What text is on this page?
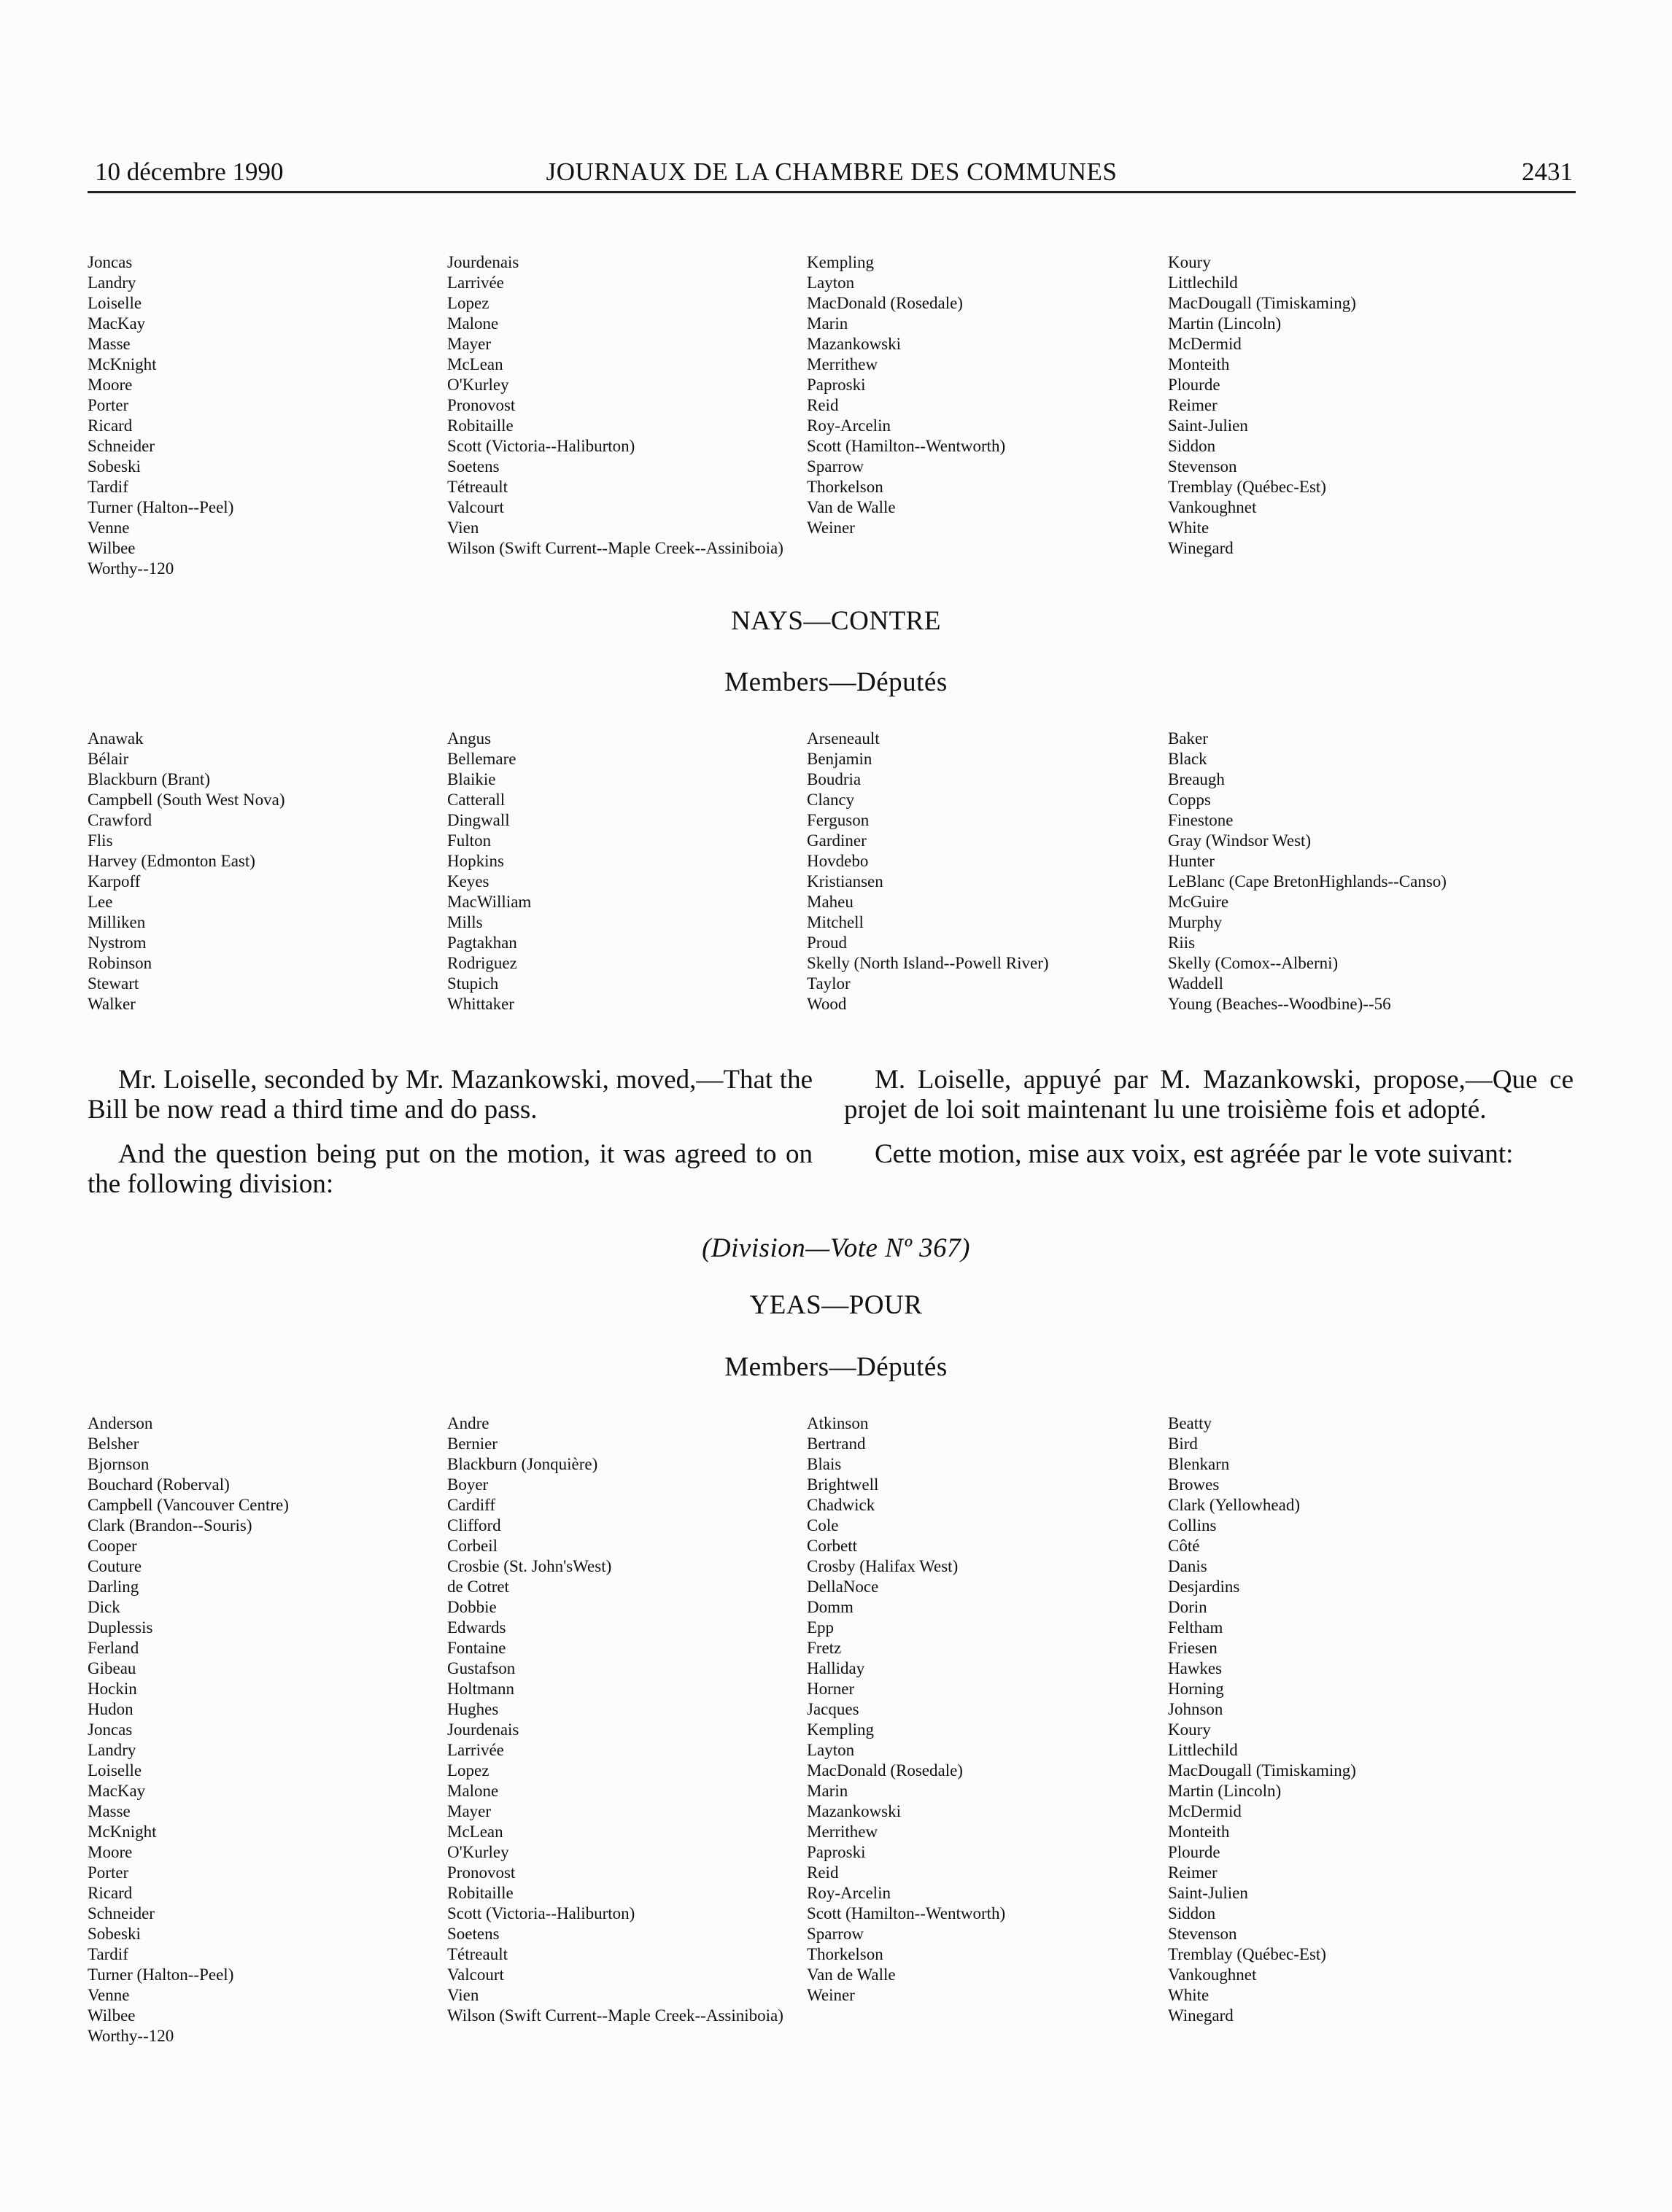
10 décembre 1990	JOURNAUX DE LA CHAMBRE DES COMMUNES	2431
Joncas
Landry
Loiselle
MacKay
Masse
McKnight
Moore
Porter
Ricard
Schneider
Sobeski
Tardif
Turner (Halton--Peel)
Venne
Wilbee
Worthy--120
Jourdenais
Larrivée
Lopez
Malone
Mayer
McLean
O'Kurley
Pronovost
Robitaille
Scott (Victoria--Haliburton)
Soetens
Tétreault
Valcourt
Vien
Wilson (Swift Current--Maple Creek--Assiniboia)
Kempling
Layton
MacDonald (Rosedale)
Marin
Mazankowski
Merrithew
Paproski
Reid
Roy-Arcelin
Scott (Hamilton--Wentworth)
Sparrow
Thorkelson
Van de Walle
Weiner
Koury
Littlechild
MacDougall (Timiskaming)
Martin (Lincoln)
McDermid
Monteith
Plourde
Reimer
Saint-Julien
Siddon
Stevenson
Tremblay (Québec-Est)
Vankoughnet
White
Winegard
NAYS—CONTRE
Members—Députés
Anawak
Bélair
Blackburn (Brant)
Campbell (South West Nova)
Crawford
Flis
Harvey (Edmonton East)
Karpoff
Lee
Milliken
Nystrom
Robinson
Stewart
Walker
Angus
Bellemare
Blaikie
Catterall
Dingwall
Fulton
Hopkins
Keyes
MacWilliam
Mills
Pagtakhan
Rodriguez
Stupich
Whittaker
Arseneault
Benjamin
Boudria
Clancy
Ferguson
Gardiner
Hovdebo
Kristiansen
Maheu
Mitchell
Proud
Skelly (North Island--Powell River)
Taylor
Wood
Baker
Black
Breaugh
Copps
Finestone
Gray (Windsor West)
Hunter
LeBlanc (Cape BretonHighlands--Canso)
McGuire
Murphy
Riis
Skelly (Comox--Alberni)
Waddell
Young (Beaches--Woodbine)--56
Mr. Loiselle, seconded by Mr. Mazankowski, moved,—That the Bill be now read a third time and do pass.
And the question being put on the motion, it was agreed to on the following division:
M. Loiselle, appuyé par M. Mazankowski, propose,—Que ce projet de loi soit maintenant lu une troisième fois et adopté.
Cette motion, mise aux voix, est agréée par le vote suivant:
(Division—Vote Nº 367)
YEAS—POUR
Members—Députés
Anderson
Belsher
Bjornson
Bouchard (Roberval)
Campbell (Vancouver Centre)
Clark (Brandon--Souris)
Cooper
Couture
Darling
Dick
Duplessis
Ferland
Gibeau
Hockin
Hudon
Joncas
Landry
Loiselle
MacKay
Masse
McKnight
Moore
Porter
Ricard
Schneider
Sobeski
Tardif
Turner (Halton--Peel)
Venne
Wilbee
Worthy--120
Andre
Bernier
Blackburn (Jonquière)
Boyer
Cardiff
Clifford
Corbeil
Crosbie (St. John'sWest)
de Cotret
Dobbie
Edwards
Fontaine
Gustafson
Holtmann
Hughes
Jourdenais
Larrivée
Lopez
Malone
Mayer
McLean
O'Kurley
Pronovost
Robitaille
Scott (Victoria--Haliburton)
Soetens
Tétreault
Valcourt
Vien
Wilson (Swift Current--Maple Creek--Assiniboia)
Atkinson
Bertrand
Blais
Brightwell
Chadwick
Cole
Corbett
Crosby (Halifax West)
DellaNoce
Domm
Epp
Fretz
Halliday
Horner
Jacques
Kempling
Layton
MacDonald (Rosedale)
Marin
Mazankowski
Merrithew
Paproski
Reid
Roy-Arcelin
Scott (Hamilton--Wentworth)
Sparrow
Thorkelson
Van de Walle
Weiner
Beatty
Bird
Blenkarn
Browes
Clark (Yellowhead)
Collins
Côté
Danis
Desjardins
Dorin
Feltham
Friesen
Hawkes
Horning
Johnson
Koury
Littlechild
MacDougall (Timiskaming)
Martin (Lincoln)
McDermid
Monteith
Plourde
Reimer
Saint-Julien
Siddon
Stevenson
Tremblay (Québec-Est)
Vankoughnet
White
Winegard
